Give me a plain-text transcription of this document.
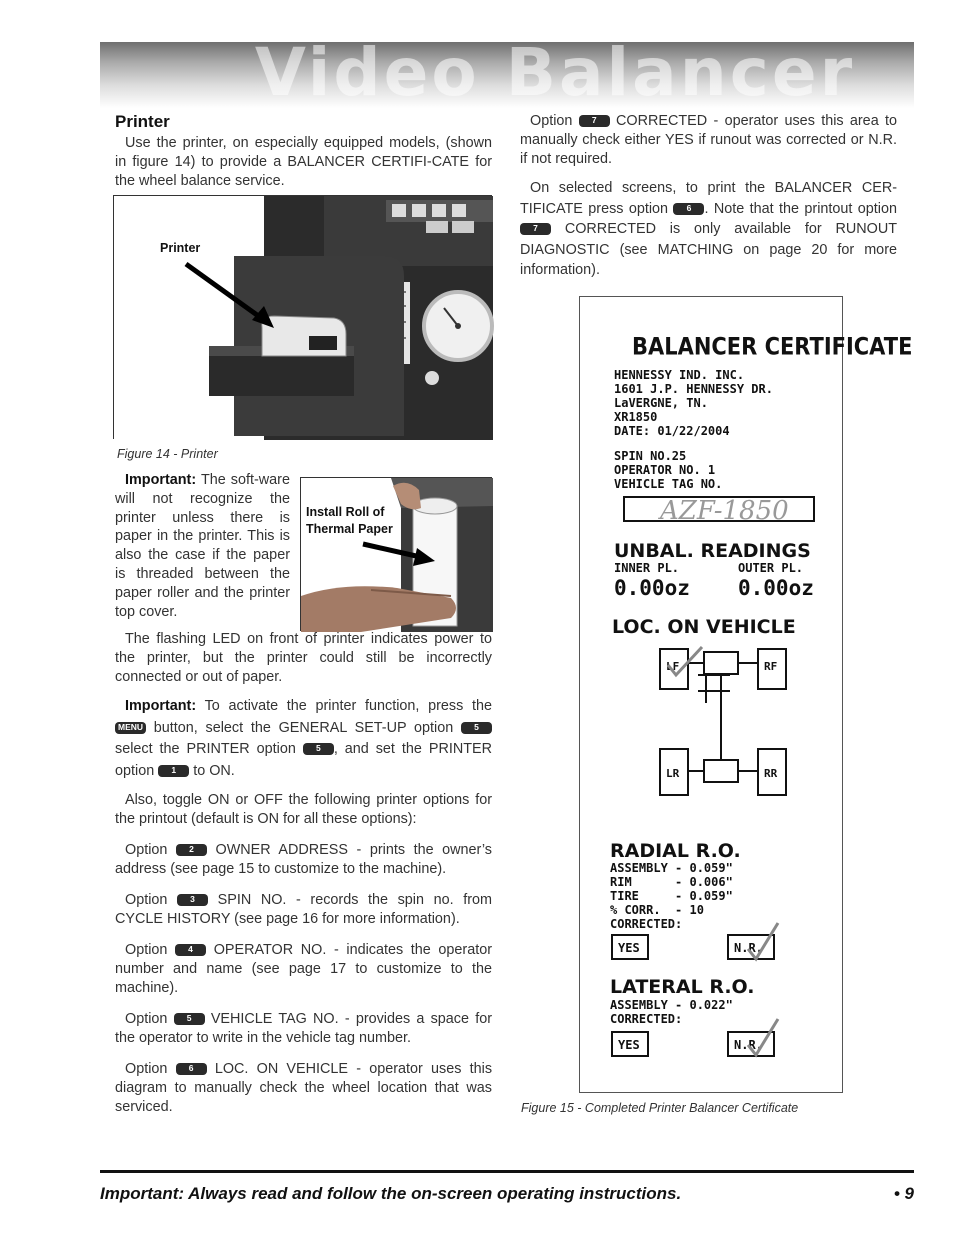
Video Balancer
Printer

Use the printer, on especially equipped models, (shown in figure 14) to provide a BALANCER CERTIFI-CATE for the wheel balance service.

Printer
Figure 14 - Printer

Important: The soft-ware will not recognize the printer unless there is paper in the printer. This is also the case if the paper is threaded between the paper roller and the printer top cover.

Install Roll of
Thermal Paper

The flashing LED on front of printer indicates power to the printer, but the printer could still be incorrectly connected or out of paper.

Important: To activate the printer function, press the MENU button, select the GENERAL SET-UP option 5 select the PRINTER option 5 , and set the PRINTER option 1 to ON.

Also, toggle ON or OFF the following printer options for the printout (default is ON for all these options):

Option	2 OWNER ADDRESS - prints the owner’s address (see page 15 to customize to the machine).

Option	3 SPIN NO. - records the spin no. from CYCLE HISTORY (see page 16 for more information).

Option 4 OPERATOR NO. - indicates the operator number and name (see page 17 to customize to the machine).

Option 5 VEHICLE TAG NO. - provides a space for the operator to write in the vehicle tag number.

Option	6 LOC. ON VEHICLE - operator uses this diagram to manually check the wheel location that was serviced.

Option 7 CORRECTED - operator uses this area to manually check either YES if runout was corrected or N.R. if not required.

On selected screens, to print the BALANCER CER-TIFICATE press option 6 . Note that the printout option 7 CORRECTED is only available for RUNOUT DIAGNOSTIC (see MATCHING on page 20 for more information).

BALANCER CERTIFICATE
HENNESSY IND. INC.
1601 J.P. HENNESSY DR.
LaVERGNE, TN.
XR1850
DATE: 01/22/2004
SPIN NO.25
OPERATOR NO. 1
VEHICLE TAG NO.
AZF-1850
UNBAL. READINGS
INNER PL.	OUTER PL.
0.00oz 0.00oz
LOC. ON VEHICLE
LF	RF
LR	RR
RADIAL R.O.
ASSEMBLY - 0.059"
RIM      - 0.006"
TIRE     - 0.059"
% CORR.  - 10
CORRECTED:
YES	N.R.
LATERAL R.O.
ASSEMBLY - 0.022"
CORRECTED:
YES	N.R.
Figure 15 - Completed Printer Balancer Certificate
Important: Always read and follow the on-screen operating instructions.	• 9
